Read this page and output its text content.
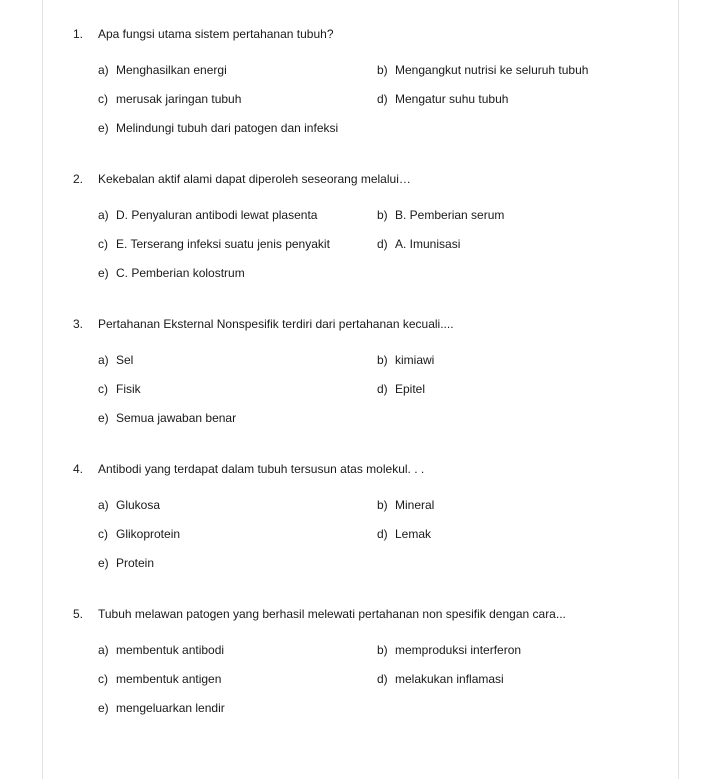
1. Apa fungsi utama sistem pertahanan tubuh?
a) Menghasilkan energi	b) Mengangkut nutrisi ke seluruh tubuh
c) merusak jaringan tubuh	d) Mengatur suhu tubuh
e) Melindungi tubuh dari patogen dan infeksi
2. Kekebalan aktif alami dapat diperoleh seseorang melalui…
a) D. Penyaluran antibodi lewat plasenta	b) B. Pemberian serum
c) E. Terserang infeksi suatu jenis penyakit	d) A. Imunisasi
e) C. Pemberian kolostrum
3. Pertahanan Eksternal Nonspesifik terdiri dari pertahanan kecuali....
a) Sel	b) kimiawi
c) Fisik	d) Epitel
e) Semua jawaban benar
4. Antibodi yang terdapat dalam tubuh tersusun atas molekul. . .
a) Glukosa	b) Mineral
c) Glikoprotein	d) Lemak
e) Protein
5. Tubuh melawan patogen yang berhasil melewati pertahanan non spesifik dengan cara...
a) membentuk antibodi	b) memproduksi interferon
c) membentuk antigen	d) melakukan inflamasi
e) mengeluarkan lendir
